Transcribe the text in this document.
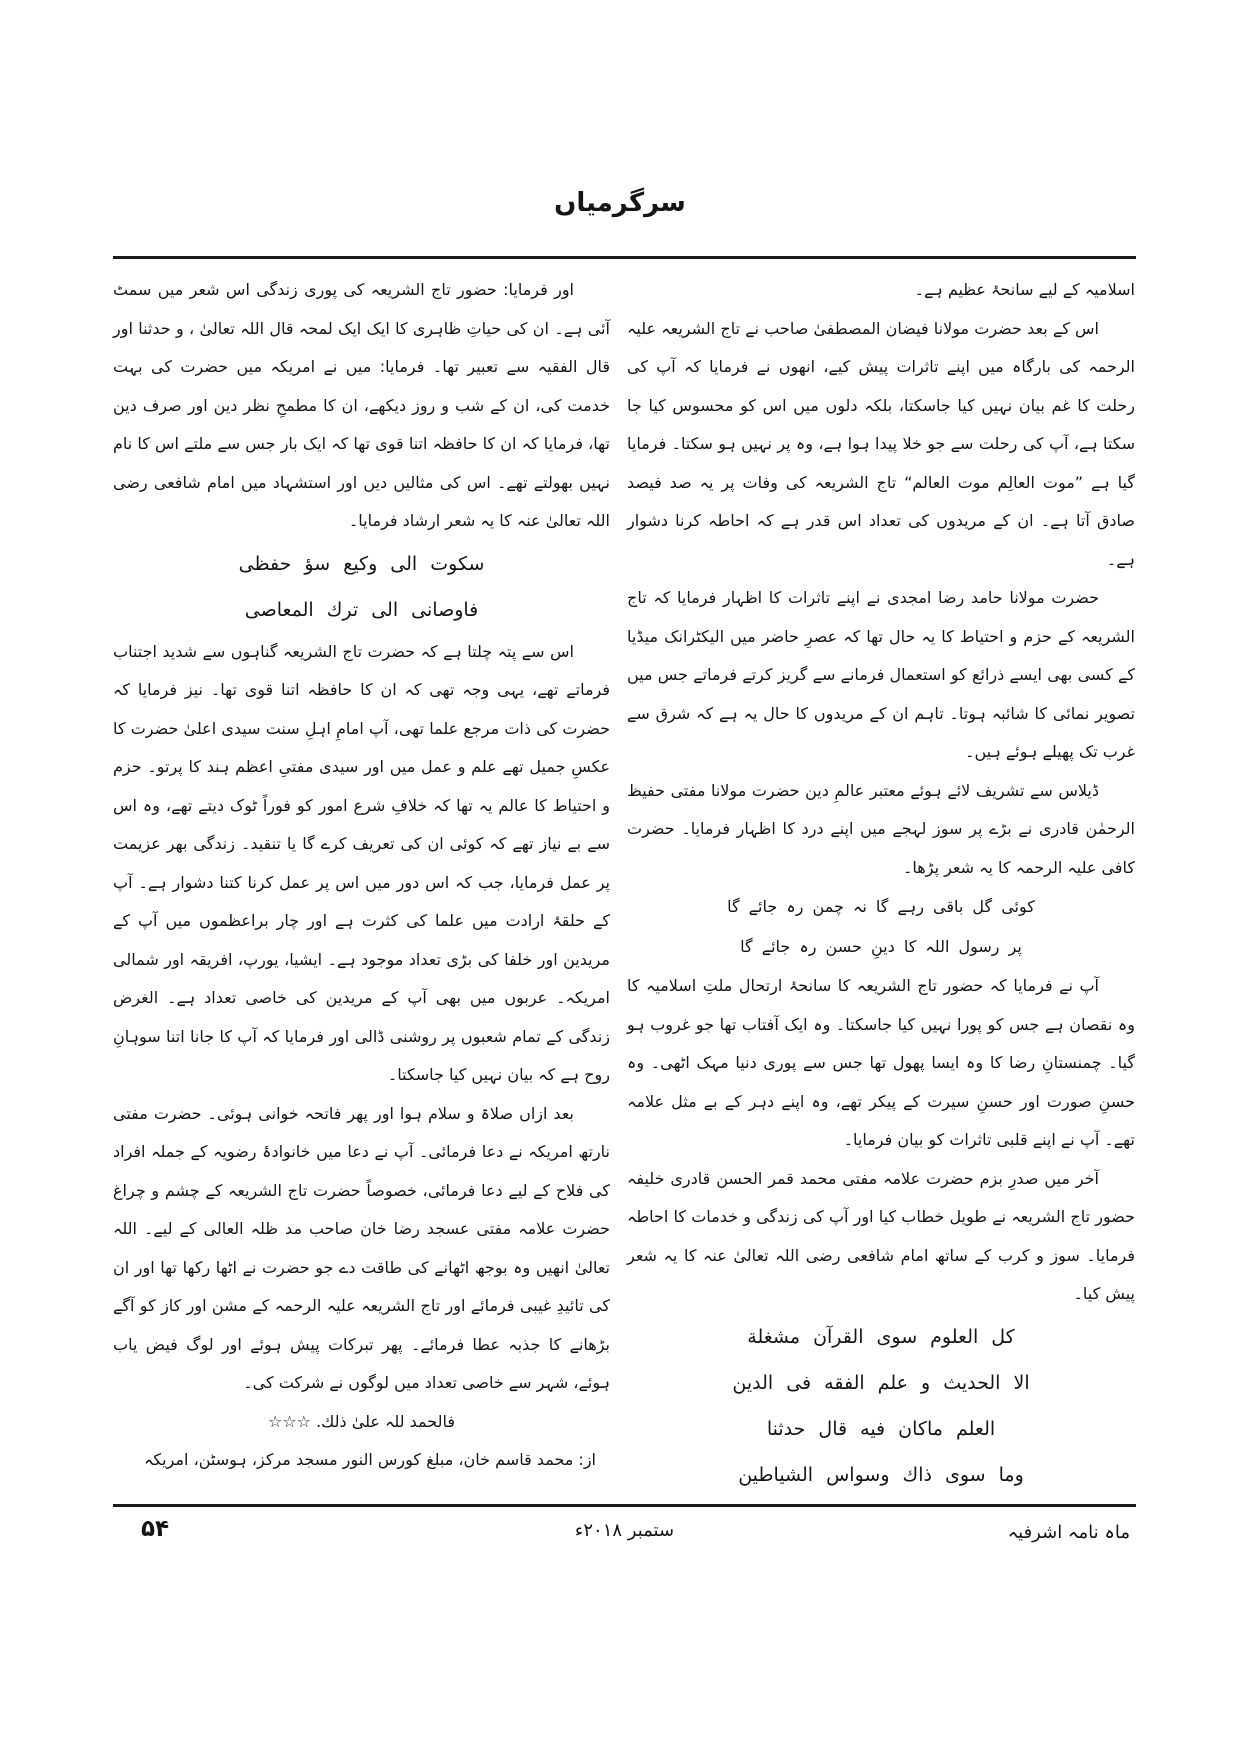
سرگرمیاں

اسلامیہ کے لیے سانحۂ عظیم ہے۔

اس کے بعد حضرت مولانا فیضان المصطفیٰ صاحب نے تاج الشریعہ علیہ الرحمہ کی بارگاہ میں اپنے تاثرات پیش کیے، انھوں نے فرمایا کہ آپ کی رحلت کا غم بیان نہیں کیا جاسکتا، بلکہ دلوں میں اس کو محسوس کیا جا سکتا ہے، آپ کی رحلت سے جو خلا پیدا ہوا ہے، وہ پر نہیں ہو سکتا۔ فرمایا گیا ہے ”موت العالِم موت العالم“ تاج الشریعہ کی وفات پر یہ صد فیصد صادق آتا ہے۔ ان کے مریدوں کی تعداد اس قدر ہے کہ احاطہ کرنا دشوار ہے۔

حضرت مولانا حامد رضا امجدی نے اپنے تاثرات کا اظہار فرمایا کہ تاج الشریعہ کے حزم و احتیاط کا یہ حال تھا کہ عصرِ حاضر میں الیکٹرانک میڈیا کے کسی بھی ایسے ذرائع کو استعمال فرمانے سے گریز کرتے فرماتے جس میں تصویر نمائی کا شائبہ ہوتا۔ تاہم ان کے مریدوں کا حال یہ ہے کہ شرق سے غرب تک پھیلے ہوئے ہیں۔

ڈیلاس سے تشریف لائے ہوئے معتبر عالمِ دین حضرت مولانا مفتی حفیظ الرحمٰن قادری نے بڑے پر سوز لہجے میں اپنے درد کا اظہار فرمایا۔ حضرت کافی علیہ الرحمہ کا یہ شعر پڑھا۔

کوئی گل باقی رہے گا نہ چمن رہ جائے گا
پر رسول اللہ کا دینِ حسن رہ جائے گا

آپ نے فرمایا کہ حضور تاج الشریعہ کا سانحۂ ارتحال ملتِ اسلامیہ کا وہ نقصان ہے جس کو پورا نہیں کیا جاسکتا۔ وہ ایک آفتاب تھا جو غروب ہو گیا۔ چمنستانِ رضا کا وہ ایسا پھول تھا جس سے پوری دنیا مہک اٹھی۔ وہ حسنِ صورت اور حسنِ سیرت کے پیکر تھے، وہ اپنے دہر کے بے مثل علامہ تھے۔ آپ نے اپنے قلبی تاثرات کو بیان فرمایا۔

آخر میں صدرِ بزم حضرت علامہ مفتی محمد قمر الحسن قادری خلیفہ حضور تاج الشریعہ نے طویل خطاب کیا اور آپ کی زندگی و خدمات کا احاطہ فرمایا۔ سوز و کرب کے ساتھ امام شافعی رضی اللہ تعالیٰ عنہ کا یہ شعر پیش کیا۔

كل العلوم سوى القرآن مشغلة
الا الحديث و علم الفقه فى الدين
العلم ماكان فيه قال حدثنا
وما سوى ذاك وسواس الشياطين

اور فرمایا: حضور تاج الشریعہ کی پوری زندگی اس شعر میں سمٹ آئی ہے۔ ان کی حیاتِ ظاہری کا ایک ایک لمحہ قال اللہ تعالیٰ ، و حدثنا اور قال الفقیہ سے تعبیر تھا۔ فرمایا: میں نے امریکہ میں حضرت کی بہت خدمت کی، ان کے شب و روز دیکھے، ان کا مطمحِ نظر دین اور صرف دین تھا، فرمایا کہ ان کا حافظہ اتنا قوی تھا کہ ایک بار جس سے ملتے اس کا نام نہیں بھولتے تھے۔ اس کی مثالیں دیں اور استشہاد میں امام شافعی رضی اللہ تعالیٰ عنہ کا یہ شعر ارشاد فرمایا۔

سكوت الى وكيع سؤ حفظى
فاوصانى الى ترك المعاصى

اس سے پتہ چلتا ہے کہ حضرت تاج الشریعہ گناہوں سے شدید اجتناب فرماتے تھے، یہی وجہ تھی کہ ان کا حافظہ اتنا قوی تھا۔ نیز فرمایا کہ حضرت کی ذات مرجع علما تھی، آپ امامِ اہلِ سنت سیدی اعلیٰ حضرت کا عکسِ جمیل تھے علم و عمل میں اور سیدی مفتیِ اعظم ہند کا پرتو۔ حزم و احتیاط کا عالم یہ تھا کہ خلافِ شرع امور کو فوراً ٹوک دیتے تھے، وہ اس سے بے نیاز تھے کہ کوئی ان کی تعریف کرے گا یا تنقید۔ زندگی بھر عزیمت پر عمل فرمایا، جب کہ اس دور میں اس پر عمل کرنا کتنا دشوار ہے۔ آپ کے حلقۂ ارادت میں علما کی کثرت ہے اور چار براعظموں میں آپ کے مریدین اور خلفا کی بڑی تعداد موجود ہے۔ ایشیا، یورپ، افریقہ اور شمالی امریکہ۔ عربوں میں بھی آپ کے مریدین کی خاصی تعداد ہے۔ الغرض زندگی کے تمام شعبوں پر روشنی ڈالی اور فرمایا کہ آپ کا جانا اتنا سوہانِ روح ہے کہ بیان نہیں کیا جاسکتا۔

بعد ازاں صلاۃ و سلام ہوا اور پھر فاتحہ خوانی ہوئی۔ حضرت مفتی نارتھ امریکہ نے دعا فرمائی۔ آپ نے دعا میں خانوادۂ رضویہ کے جملہ افراد کی فلاح کے لیے دعا فرمائی، خصوصاً حضرت تاج الشریعہ کے چشم و چراغ حضرت علامہ مفتی عسجد رضا خان صاحب مد ظلہ العالی کے لیے۔ اللہ تعالیٰ انھیں وہ بوجھ اٹھانے کی طاقت دے جو حضرت نے اٹھا رکھا تھا اور ان کی تائیدِ غیبی فرمائے اور تاج الشریعہ علیہ الرحمہ کے مشن اور کاز کو آگے بڑھانے کا جذبہ عطا فرمائے۔ پھر تبرکات پیش ہوئے اور لوگ فیض یاب ہوئے، شہر سے خاصی تعداد میں لوگوں نے شرکت کی۔

فالحمد للہ علیٰ ذلك. ☆☆☆

از: محمد قاسم خان، مبلغ کورس النور مسجد مرکز، ہوسٹن، امریکہ

ماہ نامہ اشرفیہ
ستمبر ۲۰۱۸ء
۵۴
